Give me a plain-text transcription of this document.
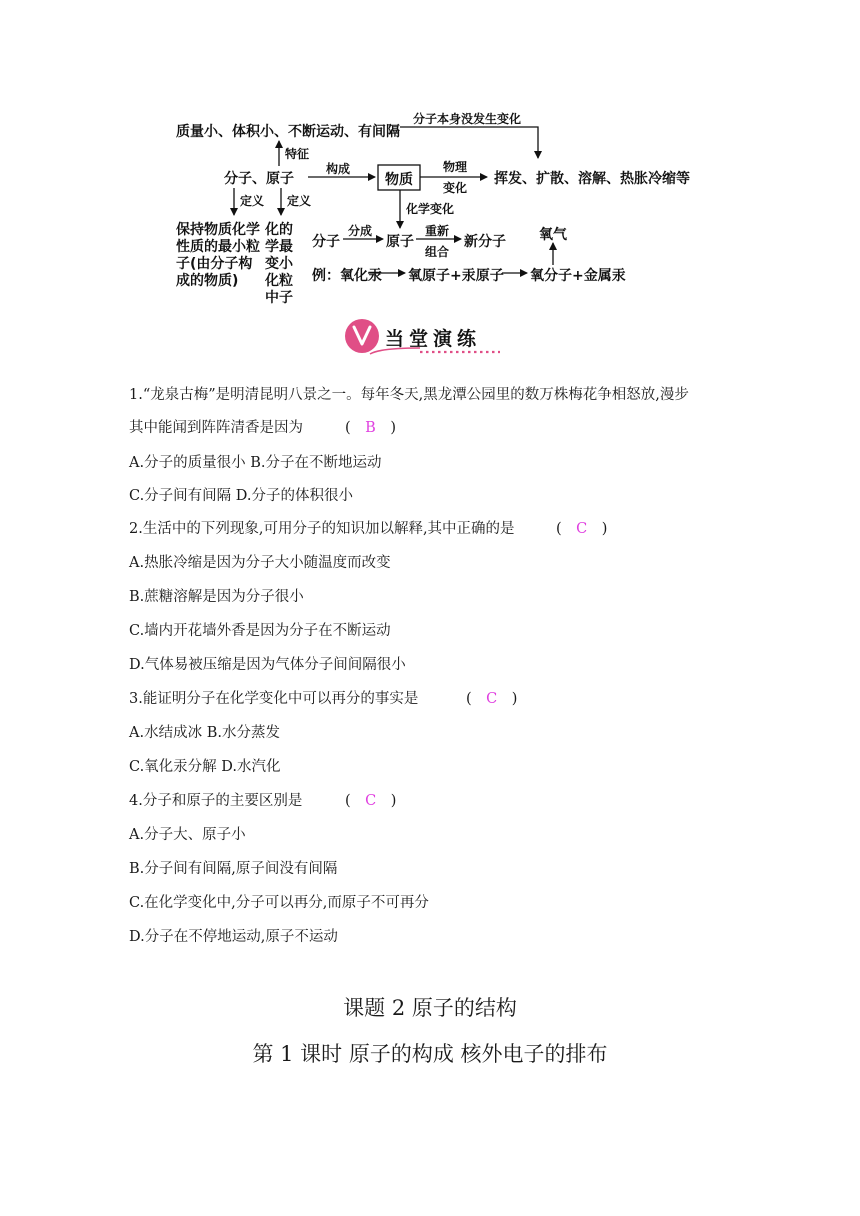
质量小、体积小、不断运动、有间隔
分子本身没发生变化
特征
分子、原子
构成
物质
物理
变化
挥发、扩散、溶解、热胀冷缩等
定义 定义
化学变化
保持物质化学
性质的最小粒
子(由分子构
成的物质)
化的
学最
变小
化粒
中子
分子
分成
原子
重新
组合
新分子 氧气
例：氧化汞 氧原子+汞原子 氧分子+金属汞
当堂演练
1.“龙泉古梅”是明清昆明八景之一。每年冬天,黑龙潭公园里的数万株梅花争相怒放,漫步
其中能闻到阵阵清香是因为	(　B　)
A.分子的质量很小 B.分子在不断地运动
C.分子间有间隔 D.分子的体积很小
2.生活中的下列现象,可用分子的知识加以解释,其中正确的是	(　C　)
A.热胀冷缩是因为分子大小随温度而改变
B.蔗糖溶解是因为分子很小
C.墙内开花墙外香是因为分子在不断运动
D.气体易被压缩是因为气体分子间间隔很小
3.能证明分子在化学变化中可以再分的事实是	(　C　)
A.水结成冰 B.水分蒸发
C.氧化汞分解 D.水汽化
4.分子和原子的主要区别是	(　C　)
A.分子大、原子小
B.分子间有间隔,原子间没有间隔
C.在化学变化中,分子可以再分,而原子不可再分
D.分子在不停地运动,原子不运动
课题 2 原子的结构
第 1 课时 原子的构成 核外电子的排布
